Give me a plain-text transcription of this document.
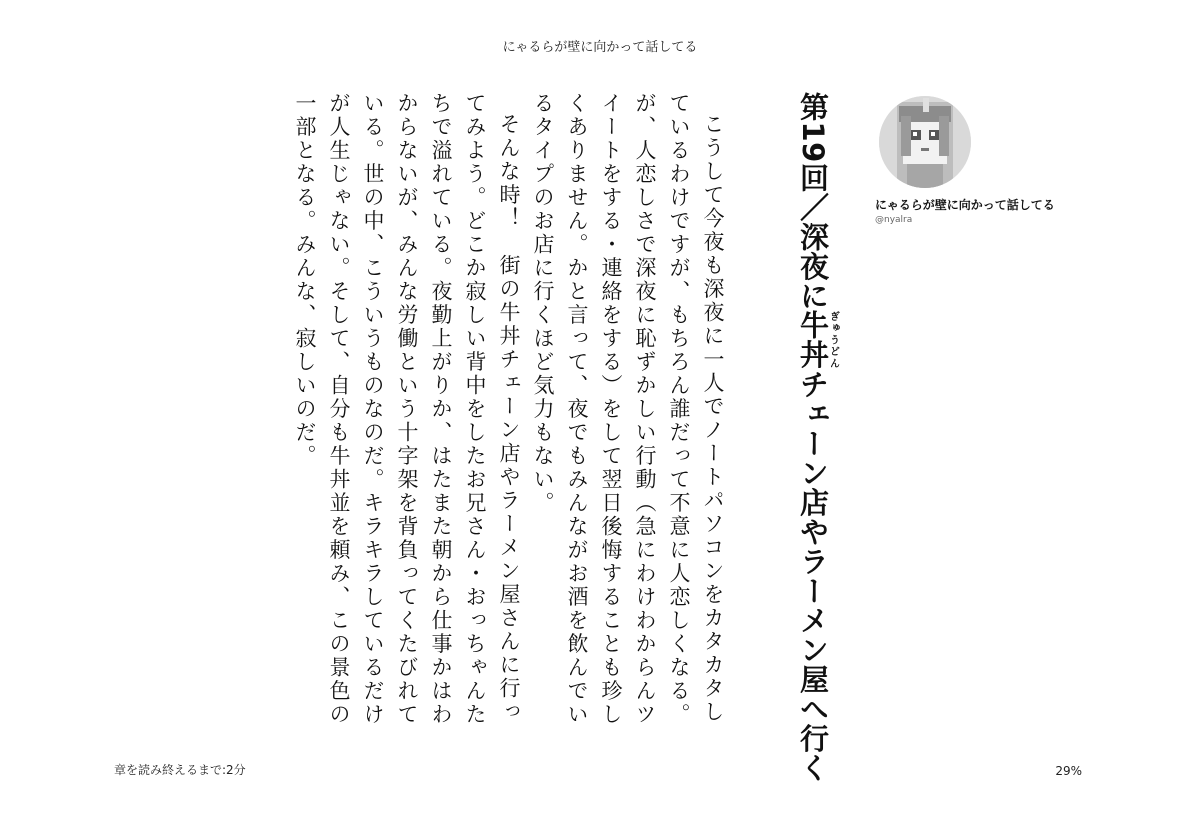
にゃるらが壁に向かって話してる
にゃるらが壁に向かって話してる
@nyalra
第19回／深夜に牛丼ぎゅうどんチェーン店やラーメン屋へ行く

こうして今夜も深夜に一人でノートパソコンをカタカタしているわけですが、もちろん誰だって不意に人恋しくなる。が、人恋しさで深夜に恥ずかしい行動（急にわけわからんツイートをする・連絡をする）をして翌日後悔することも珍しくありません。かと言って、夜でもみんながお酒を飲んでいるタイプのお店に行くほど気力もない。

そんな時！　街の牛丼チェーン店やラーメン屋さんに行ってみよう。どこか寂しい背中をしたお兄さん・おっちゃんたちで溢れている。夜勤上がりか、はたまた朝から仕事かはわからないが、みんな労働という十字架を背負ってくたびれている。世の中、こういうものなのだ。キラキラしているだけが人生じゃない。そして、自分も牛丼並を頼み、この景色の一部となる。みんな、寂しいのだ。

章を読み終えるまで:2分	29%
